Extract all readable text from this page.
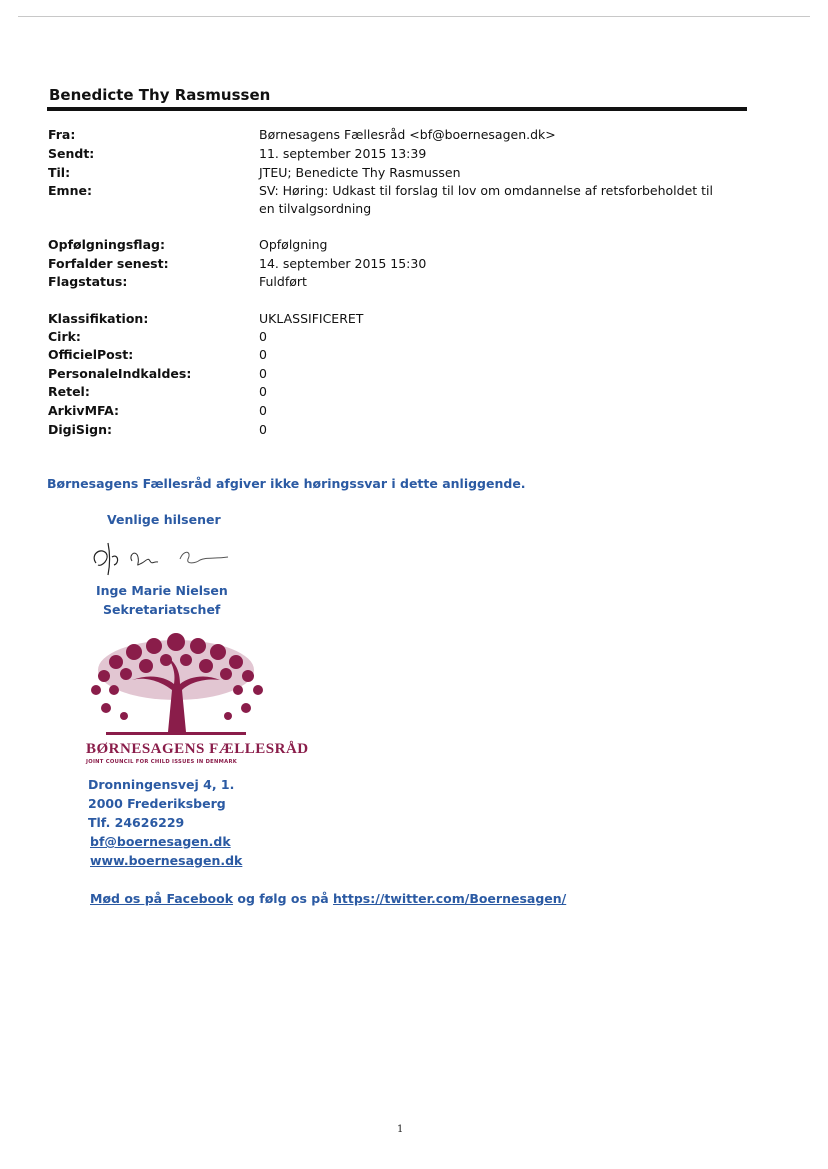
Benedicte Thy Rasmussen
Fra:	Børnesagens Fællesråd <bf@boernesagen.dk>
Sendt:	11. september 2015 13:39
Til:	JTEU; Benedicte Thy Rasmussen
Emne:	SV: Høring: Udkast til forslag til lov om omdannelse af retsforbeholdet til en tilvalgsordning
Opfølgningsflag:	Opfølgning
Forfalder senest:	14. september 2015 15:30
Flagstatus:	Fuldført
Klassifikation:	UKLASSIFICERET
Cirk:	0
OfficielPost:	0
PersonaleIndkaldes:	0
Retel:	0
ArkivMFA:	0
DigiSign:	0

Børnesagens Fællesråd afgiver ikke høringssvar i dette anliggende.

Venlige hilsener

Inge Marie Nielsen

Sekretariatschef

BØRNESAGENS FÆLLESRÅD

JOINT COUNCIL FOR CHILD ISSUES IN DENMARK

Dronningensvej 4, 1.

2000 Frederiksberg

Tlf. 24626229

bf@boernesagen.dk

www.boernesagen.dk

Mød os på Facebook og følg os på https://twitter.com/Boernesagen/

1
